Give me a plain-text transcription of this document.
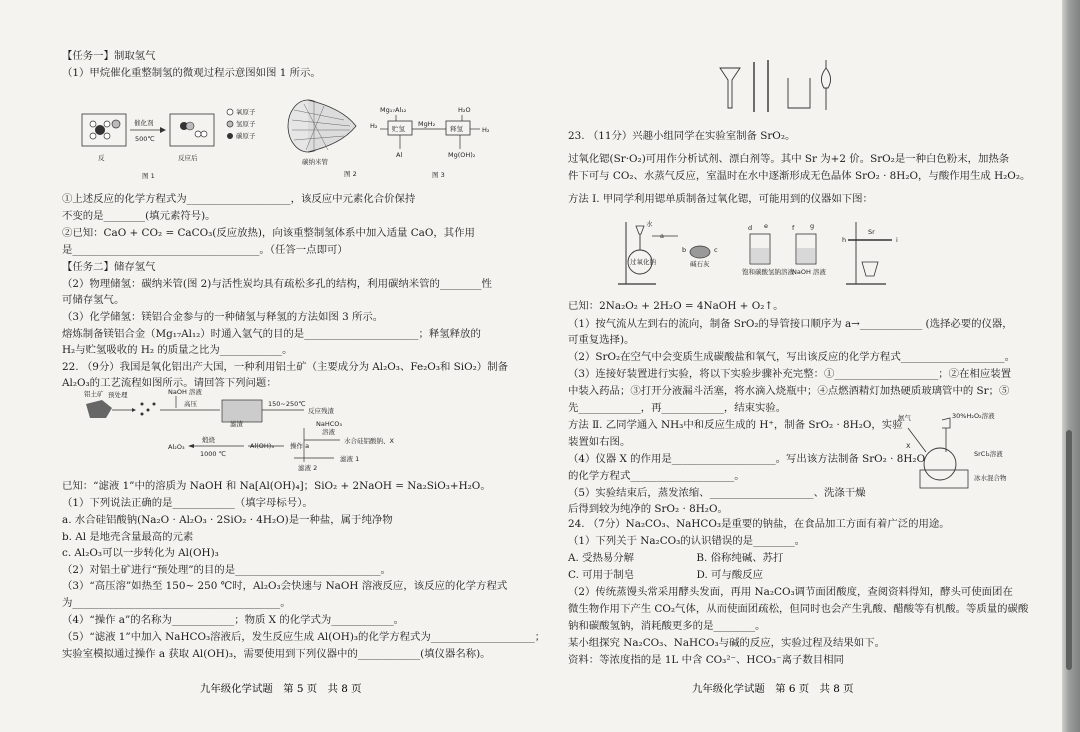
【任务一】制取氢气
（1）甲烷催化重整制氢的微观过程示意图如图 1 所示。
催化剂
500℃
反	反应后
图 1
氧原子
氢原子
碳原子
碳纳米管
图 2
Mg₁₇Al₁₂	H₂O
H₂ 贮氢
MgH₂
释氢	H₂
Al	Mg(OH)₂
图 3
①上述反应的化学方程式为____________________，该反应中元素化合价保持
不变的是________(填元素符号)。
②已知：CaO + CO₂ = CaCO₃(反应放热)，向该重整制氢体系中加入适量 CaO，其作用
是____________________________________。（任答一点即可）
【任务二】储存氢气
（2）物理储氢：碳纳米管(图 2)与活性炭均具有疏松多孔的结构，利用碳纳米管的________性
可储存氢气。
（3）化学储氢：镁铝合金参与的一种储氢与释氢的方法如图 3 所示。
熔炼制备镁铝合金（Mg₁₇Al₁₂）时通入氩气的目的是______________________；释氢释放的
H₂与贮氢吸收的 H₂ 的质量之比为____________。
22. （9分）我国是氧化铝出产大国，一种利用铝土矿（主要成分为 Al₂O₃、Fe₂O₃和 SiO₂）制备
Al₂O₃的工艺流程如图所示。请回答下列问题：
铝土矿 预处理	NaOH 溶液
高压
滤渣
150~250℃
反应残渣
NaHCO₃
溶液
水合硅铝酸钠、X
操作 a
滤液 1
Al(OH)₃
煅烧
1000 ℃
Al₂O₃
滤液 2
已知：“滤液 1”中的溶质为 NaOH 和 Na[Al(OH)₄]；SiO₂ + 2NaOH = Na₂SiO₃+H₂O。
（1）下列说法正确的是____________（填字母标号）。
a. 水合硅铝酸钠(Na₂O · Al₂O₃ · 2SiO₂ · 4H₂O)是一种盐，属于纯净物
b. Al 是地壳含量最高的元素
c. Al₂O₃可以一步转化为 Al(OH)₃
（2）对铝土矿进行“预处理”的目的是____________________________。
（3）“高压溶”如热至 150~ 250 ℃时，Al₂O₃会快速与 NaOH 溶液反应，该反应的化学方程式
为________________________________________。
（4）“操作 a”的名称为____________；物质 X 的化学式为____________。
（5）“滤液 1”中加入 NaHCO₃溶液后，发生反应生成 Al(OH)₃的化学方程式为____________________；
实验室模拟通过操作 a 获取 Al(OH)₃，需要使用到下列仪器中的____________(填仪器名称)。
九年级化学试题　第 5 页　共 8 页
23. （11分）兴趣小组同学在实验室制备 SrO₂。
过氧化锶(Sr·O₂)可用作分析试剂、漂白剂等。其中 Sr 为+2 价。SrO₂是一种白色粉末，加热条
件下可与 CO₂、水蒸气反应，室温时在水中逐渐形成无色晶体 SrO₂ · 8H₂O，与酸作用生成 H₂O₂。
方法 Ⅰ. 甲同学利用锶单质制备过氧化锶，可能用到的仪器如下图：
水
a
过氧化钠
b	c
碱石灰
d e
饱和碳酸氢钠溶液
f g
NaOH 溶液
h
Sr
i
已知：2Na₂O₂ + 2H₂O = 4NaOH + O₂↑。
（1）按气流从左到右的流向，制备 SrO₂的导管接口顺序为 a→____________ (选择必要的仪器，
可重复选择)。
（2）SrO₂在空气中会变质生成碳酸盐和氧气，写出该反应的化学方程式____________________。
（3）连接好装置进行实验，将以下实验步骤补充完整：①____________________；②在相应装置
中装入药品；③打开分液漏斗活塞，将水滴入烧瓶中；④点燃酒精灯加热硬质玻璃管中的 Sr；⑤
先____________，再____________，结束实验。
方法 Ⅱ. 乙同学通入 NH₃中和反应生成的 H⁺，制备 SrO₂ · 8H₂O，实验
装置如右图。
（4）仪器 X 的作用是____________________。写出该方法制备 SrO₂ · 8H₂O
的化学方程式____________________。
（5）实验结束后，蒸发浓缩、____________________、洗涤干燥
后得到较为纯净的 SrO₂ · 8H₂O。
氨气	30%H₂O₂溶液
X
SrCl₂溶液
冰水混合物
24. （7分）Na₂CO₃、NaHCO₃是重要的钠盐，在食品加工方面有着广泛的用途。
（1）下列关于 Na₂CO₃的认识错误的是________。
A. 受热易分解　　　　　　B. 俗称纯碱、苏打
C. 可用于制皂　　　　　　D. 可与酸反应
（2）传统蒸馒头常采用酵头发面，再用 Na₂CO₃调节面团酸度，查阅资料得知，酵头可使面团在
微生物作用下产生 CO₂气体，从而使面团疏松，但同时也会产生乳酸、醋酸等有机酸。等质量的碳酸
钠和碳酸氢钠，消耗酸更多的是________。
某小组探究 Na₂CO₃、NaHCO₃与碱的反应，实验过程及结果如下。
资料：等浓度指的是 1L 中含 CO₃²⁻、HCO₃⁻离子数目相同
九年级化学试题　第 6 页　共 8 页
